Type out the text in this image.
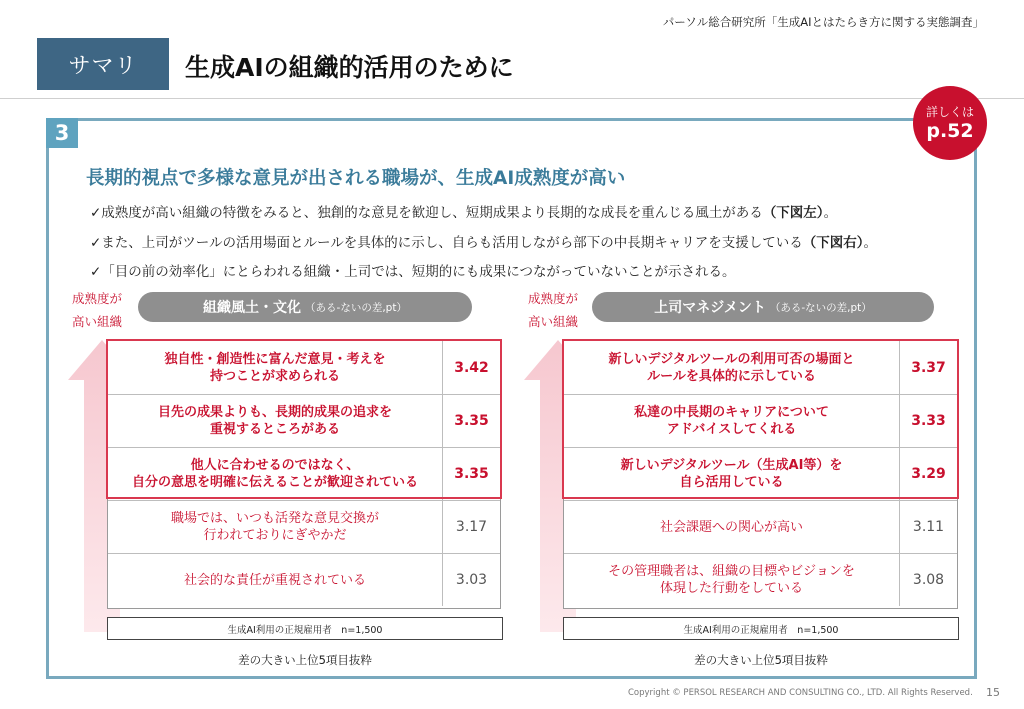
パーソル総合研究所「生成AIとはたらき方に関する実態調査」
サマリ	生成AIの組織的活用のために
詳しくは
p.52
3
長期的視点で多様な意見が出される職場が、生成AI成熟度が高い
✓成熟度が高い組織の特徴をみると、独創的な意見を歓迎し、短期成果より長期的な成長を重んじる風土がある（下図左）。
✓また、上司がツールの活用場面とルールを具体的に示し、自らも活用しながら部下の中長期キャリアを支援している（下図右）。
✓「目の前の効率化」にとらわれる組織・上司では、短期的にも成果につながっていないことが示される。
成熟度が
高い組織
組織風土・文化 （ある-ないの差,pt）
独自性・創造性に富んだ意見・考えを
持つことが求められる
3.42
目先の成果よりも、長期的成果の追求を
重視するところがある
3.35
他人に合わせるのではなく、
自分の意思を明確に伝えることが歓迎されている
3.35
職場では、いつも活発な意見交換が
行われておりにぎやかだ
3.17
社会的な責任が重視されている	3.03
生成AI利用の正規雇用者　n=1,500
差の大きい上位5項目抜粋
成熟度が
高い組織
上司マネジメント （ある-ないの差,pt）
新しいデジタルツールの利用可否の場面と
ルールを具体的に示している
3.37
私達の中長期のキャリアについて
アドバイスしてくれる
3.33
新しいデジタルツール（生成AI等）を
自ら活用している
3.29
社会課題への関心が高い	3.11
その管理職者は、組織の目標やビジョンを
体現した行動をしている
3.08
生成AI利用の正規雇用者　n=1,500
差の大きい上位5項目抜粋
Copyright © PERSOL RESEARCH AND CONSULTING CO., LTD. All Rights Reserved. 15
